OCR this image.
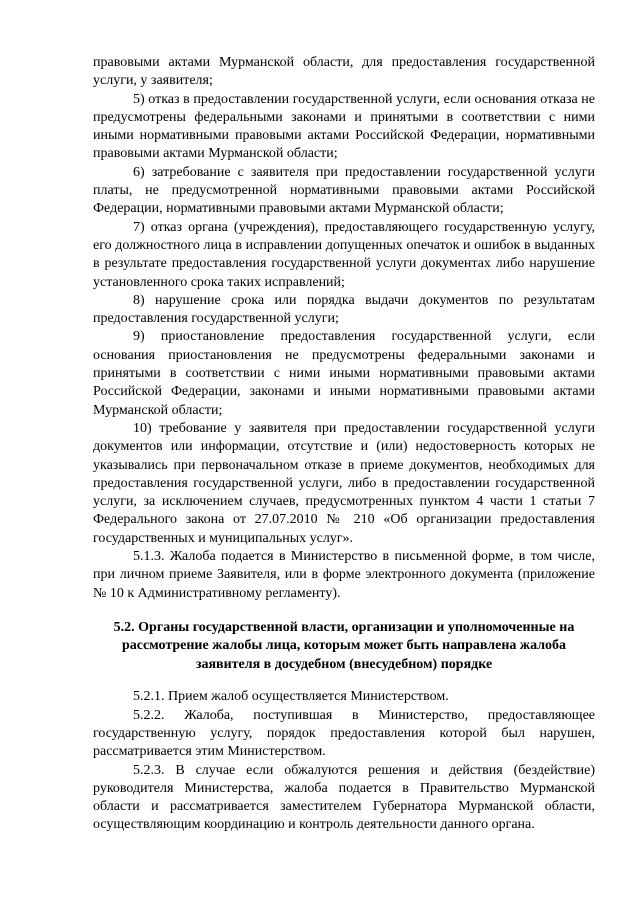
правовыми актами Мурманской области, для предоставления государственной услуги, у заявителя;

5) отказ в предоставлении государственной услуги, если основания отказа не предусмотрены федеральными законами и принятыми в соответствии с ними иными нормативными правовыми актами Российской Федерации, нормативными правовыми актами Мурманской области;

6) затребование с заявителя при предоставлении государственной услуги платы, не предусмотренной нормативными правовыми актами Российской Федерации, нормативными правовыми актами Мурманской области;

7) отказ органа (учреждения), предоставляющего государственную услугу, его должностного лица в исправлении допущенных опечаток и ошибок в выданных в результате предоставления государственной услуги документах либо нарушение установленного срока таких исправлений;

8) нарушение срока или порядка выдачи документов по результатам предоставления государственной услуги;

9) приостановление предоставления государственной услуги, если основания приостановления не предусмотрены федеральными законами и принятыми в соответствии с ними иными нормативными правовыми актами Российской Федерации, законами и иными нормативными правовыми актами Мурманской области;

10) требование у заявителя при предоставлении государственной услуги документов или информации, отсутствие и (или) недостоверность которых не указывались при первоначальном отказе в приеме документов, необходимых для предоставления государственной услуги, либо в предоставлении государственной услуги, за исключением случаев, предусмотренных пунктом 4 части 1 статьи 7 Федерального закона от 27.07.2010 № 210 «Об организации предоставления государственных и муниципальных услуг».

5.1.3. Жалоба подается в Министерство в письменной форме, в том числе, при личном приеме Заявителя, или в форме электронного документа (приложение № 10 к Административному регламенту).

5.2. Органы государственной власти, организации и уполномоченные на рассмотрение жалобы лица, которым может быть направлена жалоба заявителя в досудебном (внесудебном) порядке

5.2.1. Прием жалоб осуществляется Министерством.

5.2.2. Жалоба, поступившая в Министерство, предоставляющее государственную услугу, порядок предоставления которой был нарушен, рассматривается этим Министерством.

5.2.3. В случае если обжалуются решения и действия (бездействие) руководителя Министерства, жалоба подается в Правительство Мурманской области и рассматривается заместителем Губернатора Мурманской области, осуществляющим координацию и контроль деятельности данного органа.
